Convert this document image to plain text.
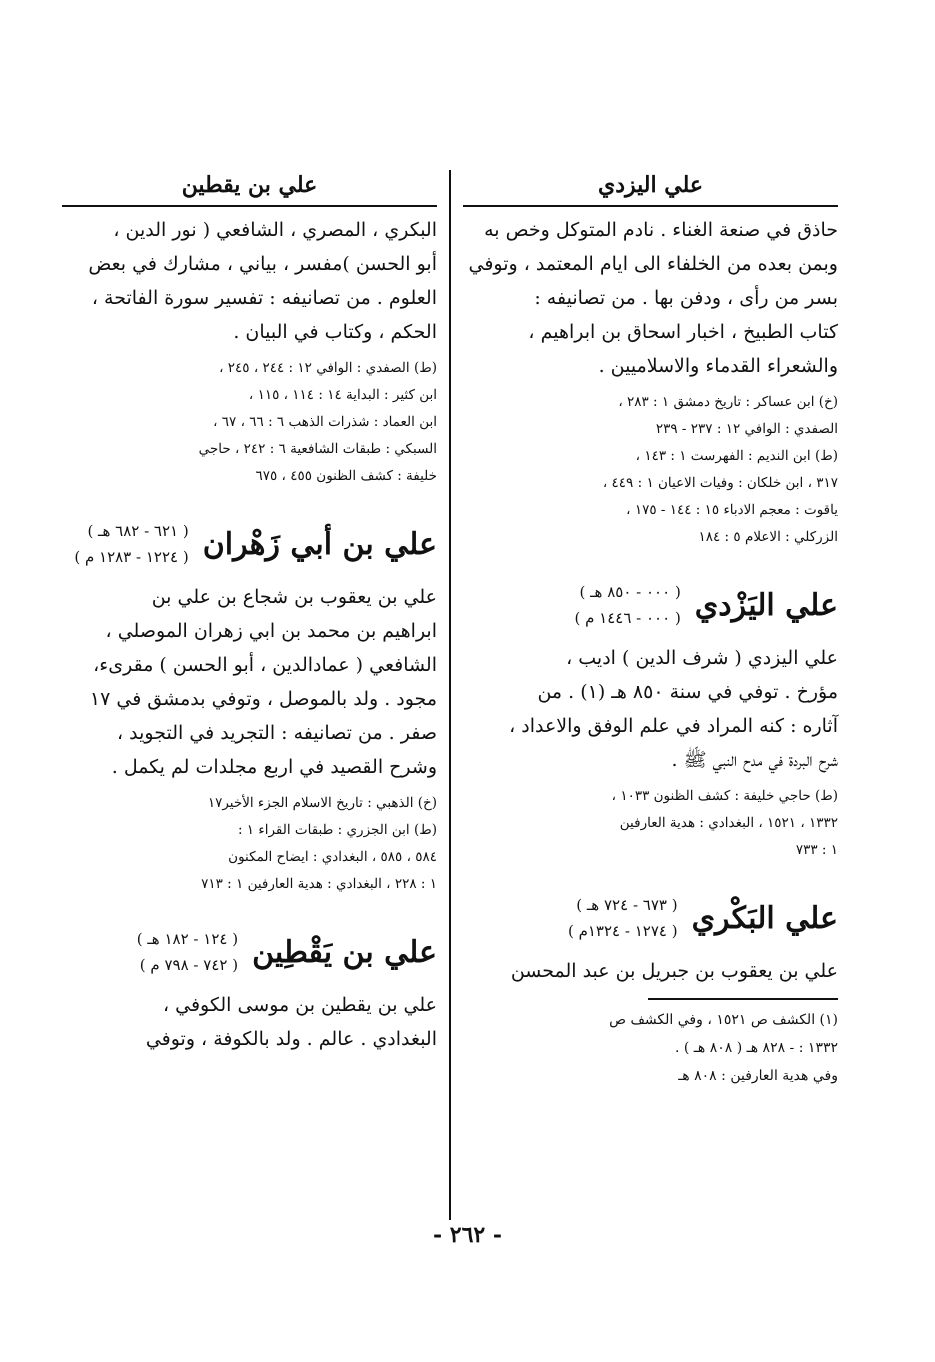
علي اليزدي

حاذق في صنعة الغناء . نادم المتوكل وخص به

وبمن بعده من الخلفاء الى ايام المعتمد ، وتوفي

بسر من رأى ، ودفن بها . من تصانيفه :

كتاب الطبيخ ، اخبار اسحاق بن ابراهيم ،

والشعراء القدماء والاسلاميين .

(خ) ابن عساكر : تاريخ دمشق ١ : ٢٨٣ ،

الصفدي : الوافي ١٢ : ٢٣٧ - ٢٣٩

(ط) ابن النديم : الفهرست ١ : ١٤٣ ،

٣١٧ ، ابن خلكان : وفيات الاعيان ١ : ٤٤٩ ،

ياقوت : معجم الادباء ١٥ : ١٤٤ - ١٧٥ ،

الزركلي : الاعلام ٥ : ١٨٤

علي اليَزْدي
( ٠٠٠ - ٨٥٠ هـ )
( ٠٠٠ - ١٤٤٦ م )

علي اليزدي ( شرف الدين ) اديب ،

مؤرخ . توفي في سنة ٨٥٠ هـ (١) . من

آثاره : كنه المراد في علم الوفق والاعداد ،

شرح البردة في مدح النبي ﷺ .

(ط) حاجي خليفة : كشف الظنون ١٠٣٣ ،

١٣٣٢ ، ١٥٢١ ، البغدادي : هدية العارفين

١ : ٧٣٣

علي البَكْري
( ٦٧٣ - ٧٢٤ هـ )
( ١٢٧٤ - ١٣٢٤م )

علي بن يعقوب بن جبريل بن عبد المحسن

(١) الكشف ص ١٥٢١ ، وفي الكشف ص

١٣٣٢ : - ٨٢٨ هـ ( ٨٠٨ هـ ) .

وفي هدية العارفين : ٨٠٨ هـ

علي بن يقطين

البكري ، المصري ، الشافعي ( نور الدين ،

أبو الحسن )مفسر ، بياني ، مشارك في بعض

العلوم . من تصانيفه : تفسير سورة الفاتحة ،

الحكم ، وكتاب في البيان .

(ط) الصفدي : الوافي ١٢ : ٢٤٤ ، ٢٤٥ ،

ابن كثير : البداية ١٤ : ١١٤ ، ١١٥ ،

ابن العماد : شذرات الذهب ٦ : ٦٦ ، ٦٧ ،

السبكي : طبقات الشافعية ٦ : ٢٤٢ ، حاجي

خليفة : كشف الظنون ٤٥٥ ، ٦٧٥

علي بن أبي زَهْران
( ٦٢١ - ٦٨٢ هـ )
( ١٢٢٤ - ١٢٨٣ م )

علي بن يعقوب بن شجاع بن علي بن

ابراهيم بن محمد بن ابي زهران الموصلي ،

الشافعي ( عمادالدين ، أبو الحسن ) مقرىء،

مجود . ولد بالموصل ، وتوفي بدمشق في ١٧

صفر . من تصانيفه : التجريد في التجويد ،

وشرح القصيد في اربع مجلدات لم يكمل .

(خ) الذهبي : تاريخ الاسلام الجزء الأخير١٧

(ط) ابن الجزري : طبقات القراء ١ :

٥٨٤ ، ٥٨٥ ، البغدادي : ايضاح المكنون

١ : ٢٢٨ ، البغدادي : هدية العارفين ١ : ٧١٣

علي بن يَقْطِين
( ١٢٤ - ١٨٢ هـ )
( ٧٤٢ - ٧٩٨ م )

علي بن يقطين بن موسى الكوفي ،

البغدادي . عالم . ولد بالكوفة ، وتوفي

- ٢٦٢ -
